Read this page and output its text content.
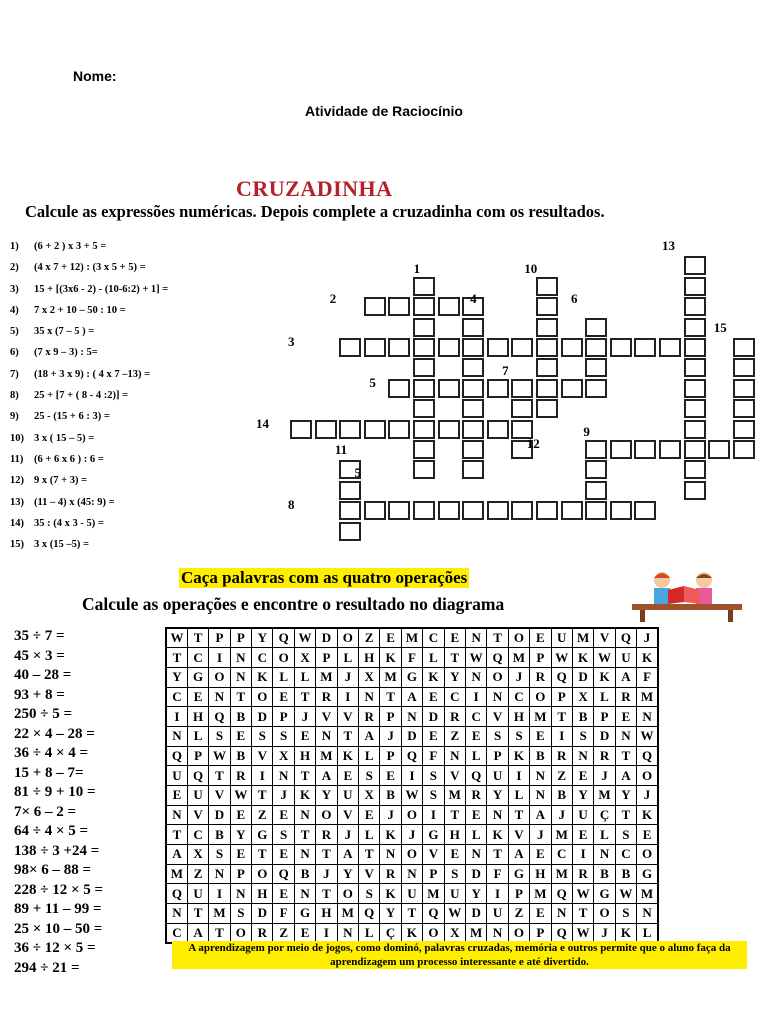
Nome:
Atividade de Raciocínio
CRUZADINHA
Calcule as expressões numéricas. Depois complete a cruzadinha com os resultados.
1) (6 + 2 ) x 3 + 5 =
2) (4 x 7 + 12) : (3 x 5 + 5) =
3) 15 + [(3x6 - 2) - (10-6:2) + 1] =
4) 7 x 2 + 10 – 50 : 10 =
5) 35 x (7 – 5 ) =
6) (7 x 9 – 3) : 5=
7) (18 + 3 x 9) : ( 4 x 7 –13) =
8) 25 + [7 + ( 8 - 4 :2)] =
9) 25 - (15 + 6 : 3) =
10) 3 x ( 15 – 5) =
11) (6 + 6 x 6 ) : 6 =
12) 9 x (7 + 3) =
13) (11 – 4) x (45: 9) =
14) 35 : (4 x 3 - 5) =
15) 3 x (15 –5) =
1
2
3
4
5
6
7
8
9
10
11	12
13
14
15
5
Caça palavras com as quatro operações
Calcule as operações e encontre o resultado no diagrama
35 ÷ 7 =
45 × 3 =
40 – 28 =
93 + 8 =
250 ÷ 5 =
22 × 4 – 28 =
36 ÷ 4 × 4 =
15 + 8 – 7=
81 ÷ 9 + 10 =
7× 6 – 2 =
64 ÷ 4 × 5 =
138 ÷ 3 +24 =
98× 6 – 88 =
228 ÷ 12 × 5 =
89 + 11 – 99 =
25 × 10 – 50 =
36 ÷ 12 × 5 =
294 ÷ 21 =
W	T	P	P	Y	Q	W	D	O	Z	E	M	C	E	N	T	O	E	U	M	V	Q	J
T	C	I	N	C	O	X	P	L	H	K	F	L	T	W	Q	M	P	W	K	W	U	K
Y	G	O	N	K	L	L	M	J	X	M	G	K	Y	N	O	J	R	Q	D	K	A	F
C	E	N	T	O	E	T	R	I	N	T	A	E	C	I	N	C	O	P	X	L	R	M
I	H	Q	B	D	P	J	V	V	R	P	N	D	R	C	V	H	M	T	B	P	E	N
N	L	S	E	S	S	E	N	T	A	J	D	E	Z	E	S	S	E	I	S	D	N	W
Q	P	W	B	V	X	H	M	K	L	P	Q	F	N	L	P	K	B	R	N	R	T	Q
U	Q	T	R	I	N	T	A	E	S	E	I	S	V	Q	U	I	N	Z	E	J	A	O
E	U	V	W	T	J	K	Y	U	X	B	W	S	M	R	Y	L	N	B	Y	M	Y	J
N	V	D	E	Z	E	N	O	V	E	J	O	I	T	E	N	T	A	J	U	Ç	T	K
T	C	B	Y	G	S	T	R	J	L	K	J	G	H	L	K	V	J	M	E	L	S	E
A	X	S	E	T	E	N	T	A	T	N	O	V	E	N	T	A	E	C	I	N	C	O
M	Z	N	P	O	Q	B	J	Y	V	R	N	P	S	D	F	G	H	M	R	B	B	G
Q	U	I	N	H	E	N	T	O	S	K	U	M	U	Y	I	P	M	Q	W	G	W	M
N	T	M	S	D	F	G	H	M	Q	Y	T	Q	W	D	U	Z	E	N	T	O	S	N
C	A	T	O	R	Z	E	I	N	L	Ç	K	O	X	M	N	O	P	Q	W	J	K	L
A aprendizagem por meio de jogos, como dominó, palavras cruzadas, memória e outros permite que o aluno faça da aprendizagem um processo interessante e até divertido.
